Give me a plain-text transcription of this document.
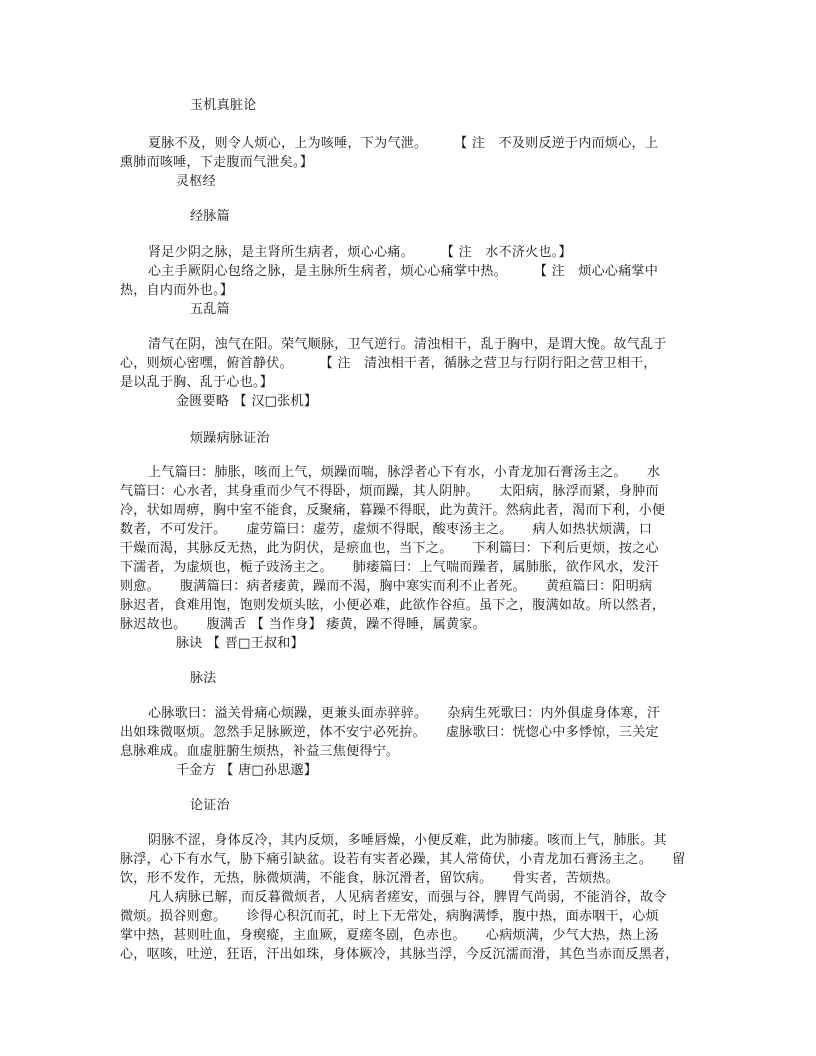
玉机真脏论
夏脉不及，则令人烦心，上为咳唾，下为气泄。　　　【 注　不及则反逆于内而烦心，上
熏肺而咳唾，下走腹而气泄矣。】
灵枢经
经脉篇
肾足少阴之脉，是主肾所生病者，烦心心痛。　　　【 注　水不济火也。】
心主手厥阴心包络之脉，是主脉所生病者，烦心心痛掌中热。　　　【 注　烦心心痛掌中
热，自内而外也。】
五乱篇
清气在阴，浊气在阳。荣气顺脉，卫气逆行。清浊相干，乱于胸中，是谓大悗。故气乱于
心，则烦心密嘿，俯首静伏。　　　【 注　清浊相干者，循脉之营卫与行阴行阳之营卫相干，
是以乱于胸、乱于心也。】
金匮要略 【 汉□张机】
烦躁病脉证治
上气篇曰：肺胀，咳而上气，烦躁而喘，脉浮者心下有水，小青龙加石膏汤主之。　　水
气篇曰：心水者，其身重而少气不得卧，烦而躁，其人阴肿。　　太阳病，脉浮而紧，身肿而
冷，状如周痹，胸中室不能食，反聚痛，暮躁不得眠，此为黄汗。然病此者，渴而下利，小便
数者，不可发汗。　　虚劳篇曰：虚劳，虚烦不得眠，酸枣汤主之。　　病人如热状烦满，口
干燥而渴，其脉反无热，此为阴伏，是瘀血也，当下之。　　下利篇曰：下利后更烦，按之心
下濡者，为虚烦也，栀子豉汤主之。　　肺痿篇曰：上气喘而躁者，属肺胀，欲作风水，发汗
则愈。　　腹满篇曰：病者痿黄，躁而不渴，胸中寒实而利不止者死。　　黄疸篇曰：阳明病
脉迟者，食难用饱，饱则发烦头眩，小便必难，此欲作谷疸。虽下之，腹满如故。所以然者，
脉迟故也。　　腹满舌 【 当作身】 痿黄，躁不得睡，属黄家。
脉诀 【 晋□王叔和】
脉法
心脉歌曰：溢关骨痛心烦躁，更兼头面赤骍骍。　　杂病生死歌曰：内外俱虚身体寒，汗
出如珠微呕烦。忽然手足脉厥逆，体不安宁必死拚。　　虚脉歌曰：恍惚心中多悸惊，三关定
息脉难成。血虚脏腑生烦热，补益三焦便得宁。
千金方 【 唐□孙思邈】
论证治
阴脉不涩，身体反冷，其内反烦，多唾唇燥，小便反难，此为肺痿。咳而上气，肺胀。其
脉浮，心下有水气，胁下痛引缺盆。设若有实者必躁，其人常倚伏，小青龙加石膏汤主之。　　留
饮，形不发作，无热，脉微烦满，不能食，脉沉滑者，留饮病。　　骨实者，苦烦热。
凡人病脉已解，而反暮微烦者，人见病者瘥安，而强与谷，脾胃气尚弱，不能消谷，故令
微烦。损谷则愈。　　诊得心积沉而芤，时上下无常处，病胸满悸，腹中热，面赤咽干，心烦
掌中热，甚则吐血，身瘈瘲，主血厥，夏瘥冬剧，色赤也。　　心病烦满，少气大热，热上汤
心，呕咳，吐逆，狂语，汗出如珠，身体厥冷，其脉当浮，今反沉濡而滑，其色当赤而反黑者，
